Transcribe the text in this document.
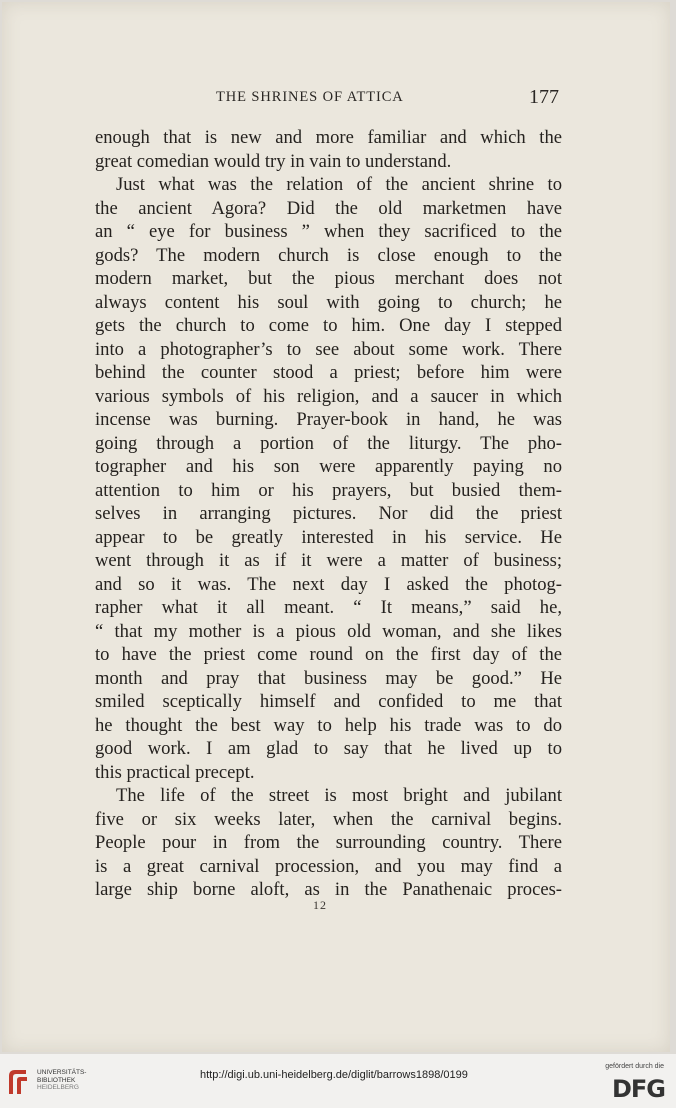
THE SHRINES OF ATTICA	177
enough that is new and more familiar and which the
great comedian would try in vain to understand.
Just what was the relation of the ancient shrine to
the ancient Agora? Did the old marketmen have
an “ eye for business ” when they sacrificed to the
gods? The modern church is close enough to the
modern market, but the pious merchant does not
always content his soul with going to church; he
gets the church to come to him. One day I stepped
into a photographer’s to see about some work. There
behind the counter stood a priest; before him were
various symbols of his religion, and a saucer in which
incense was burning. Prayer-book in hand, he was
going through a portion of the liturgy. The pho-
tographer and his son were apparently paying no
attention to him or his prayers, but busied them-
selves in arranging pictures. Nor did the priest
appear to be greatly interested in his service. He
went through it as if it were a matter of business;
and so it was. The next day I asked the photog-
rapher what it all meant. “ It means,” said he,
“ that my mother is a pious old woman, and she likes
to have the priest come round on the first day of the
month and pray that business may be good.” He
smiled sceptically himself and confided to me that
he thought the best way to help his trade was to do
good work. I am glad to say that he lived up to
this practical precept.
The life of the street is most bright and jubilant
five or six weeks later, when the carnival begins.
People pour in from the surrounding country. There
is a great carnival procession, and you may find a
large ship borne aloft, as in the Panathenaic proces-
12
UNIVERSITÄTS-
BIBLIOTHEK
HEIDELBERG
http://digi.ub.uni-heidelberg.de/diglit/barrows1898/0199
gefördert durch die
DFG
